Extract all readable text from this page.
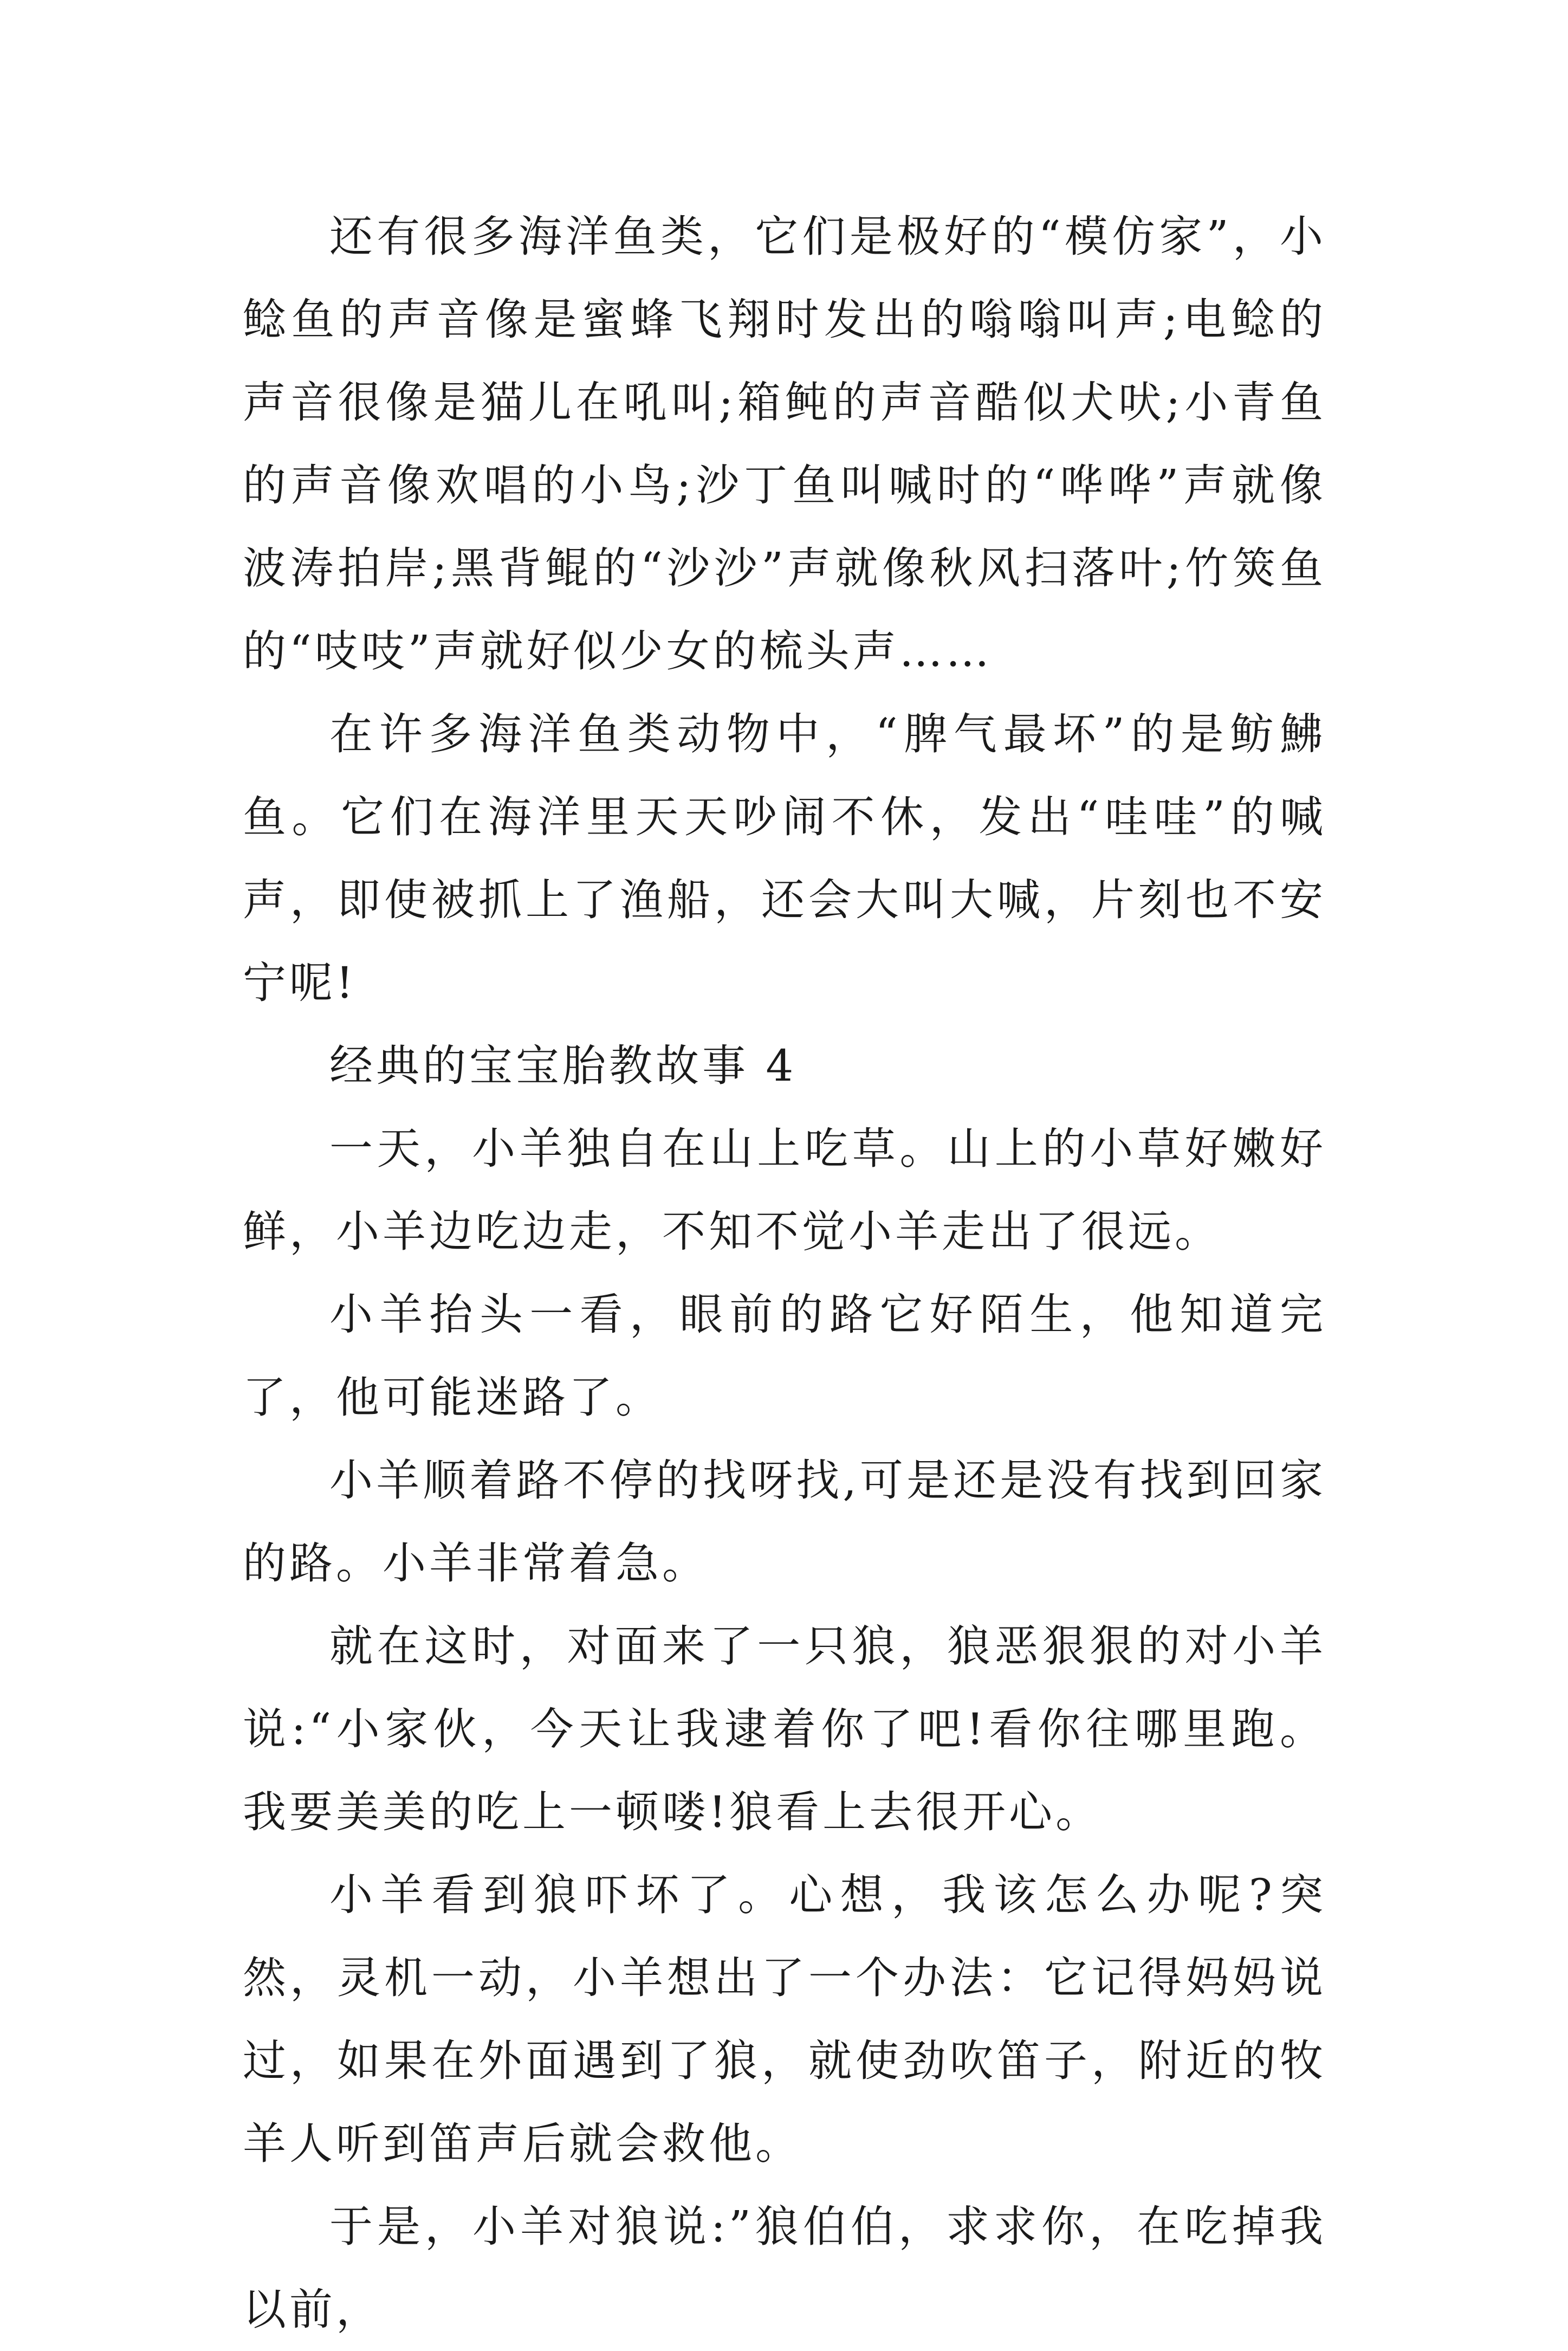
还有很多海洋鱼类，它们是极好的“模仿家”，小鲶鱼的声音像是蜜蜂飞翔时发出的嗡嗡叫声;电鲶的声音很像是猫儿在吼叫;箱鲀的声音酷似犬吠;小青鱼的声音像欢唱的小鸟;沙丁鱼叫喊时的“哗哗”声就像波涛拍岸;黑背鲲的“沙沙”声就像秋风扫落叶;竹筴鱼的“吱吱”声就好似少女的梳头声……

在许多海洋鱼类动物中，“脾气最坏”的是鲂鮄鱼。它们在海洋里天天吵闹不休，发出“哇哇”的喊声，即使被抓上了渔船，还会大叫大喊，片刻也不安宁呢!

经典的宝宝胎教故事 4

一天，小羊独自在山上吃草。山上的小草好嫩好鲜，小羊边吃边走，不知不觉小羊走出了很远。

小羊抬头一看，眼前的路它好陌生，他知道完了，他可能迷路了。

小羊顺着路不停的找呀找,可是还是没有找到回家的路。小羊非常着急。

就在这时，对面来了一只狼，狼恶狠狠的对小羊说:“小家伙，今天让我逮着你了吧!看你往哪里跑。我要美美的吃上一顿喽!狼看上去很开心。

小羊看到狼吓坏了。心想，我该怎么办呢?突然，灵机一动，小羊想出了一个办法：它记得妈妈说过，如果在外面遇到了狼，就使劲吹笛子，附近的牧羊人听到笛声后就会救他。

于是，小羊对狼说:”狼伯伯，求求你，在吃掉我以前，
